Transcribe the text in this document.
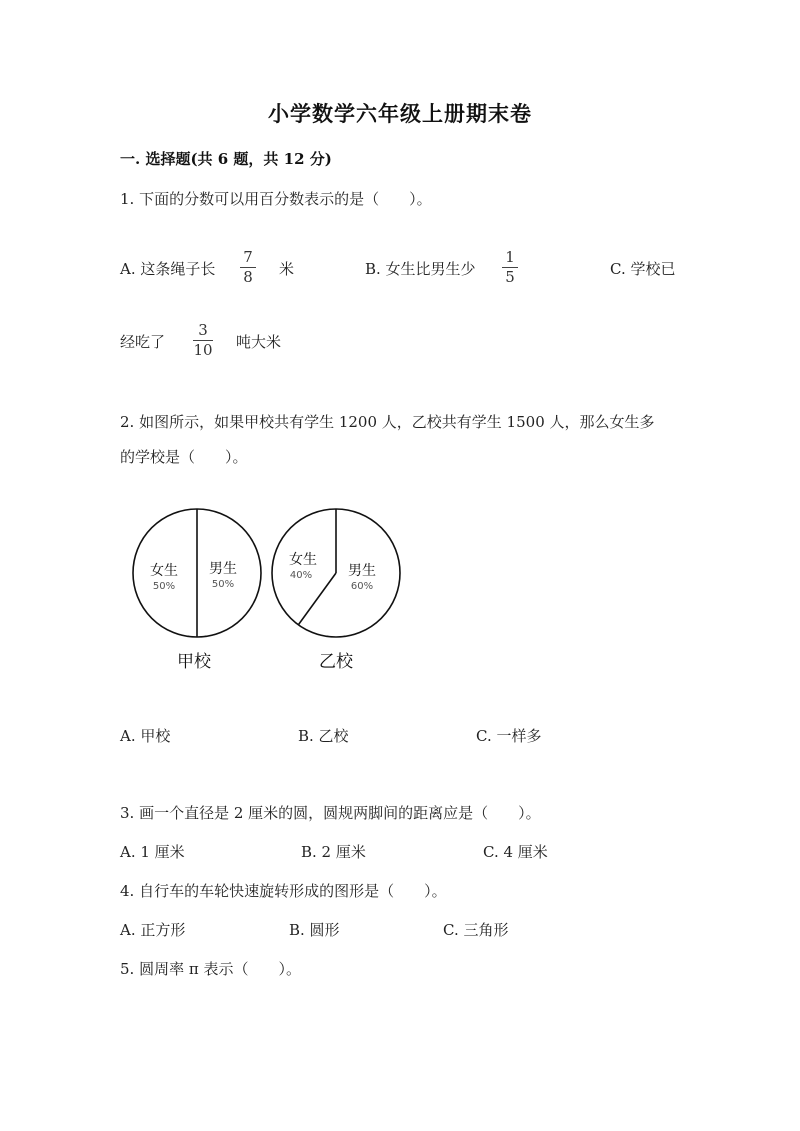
小学数学六年级上册期末卷
一. 选择题(共 6 题，共 12 分)
1. 下面的分数可以用百分数表示的是（　　）。
A. 这条绳子长
7
8 米	B. 女生比男生少
1
5	C. 学校已
经吃了
3
10 吨大米
2. 如图所示，如果甲校共有学生 1200 人，乙校共有学生 1500 人，那么女生多
的学校是（　　）。
女生
50%
男生
50%
甲校
女生
40%	男生
60%
乙校
A. 甲校	B. 乙校	C. 一样多
3. 画一个直径是 2 厘米的圆，圆规两脚间的距离应是（　　）。
A. 1 厘米	B. 2 厘米	C. 4 厘米
4. 自行车的车轮快速旋转形成的图形是（　　）。
A. 正方形	B. 圆形	C. 三角形
5. 圆周率 π 表示（　　）。
